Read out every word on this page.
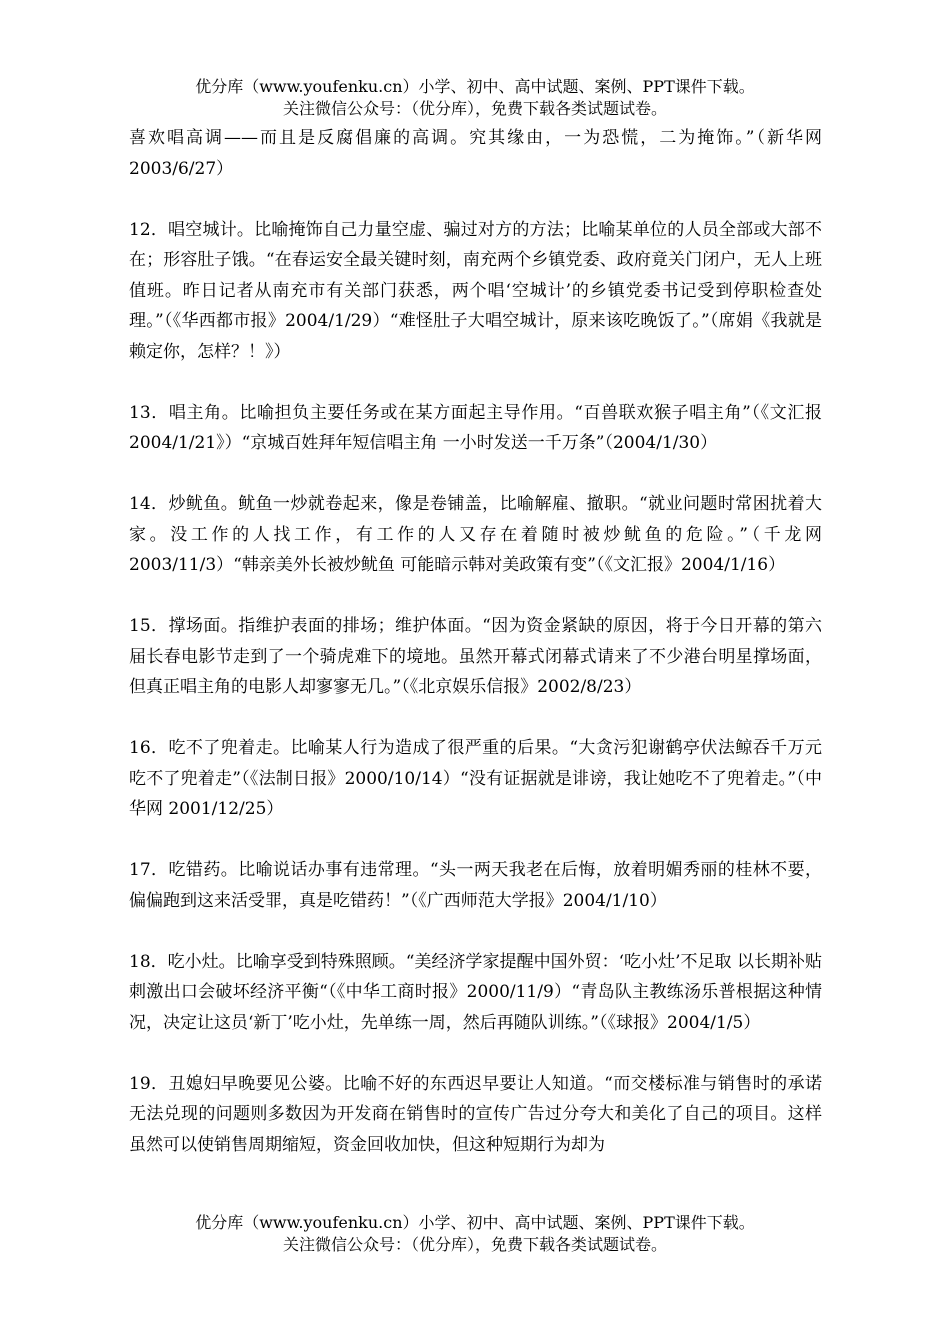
优分库（www.youfenku.cn）小学、初中、高中试题、案例、PPT课件下载。
关注微信公众号：（优分库），免费下载各类试题试卷。

喜欢唱高调——而且是反腐倡廉的高调。究其缘由，一为恐慌，二为掩饰。”（新华网 2003/6/27）

12．唱空城计。比喻掩饰自己力量空虚、骗过对方的方法；比喻某单位的人员全部或大部不在；形容肚子饿。“在春运安全最关键时刻，南充两个乡镇党委、政府竟关门闭户，无人上班值班。昨日记者从南充市有关部门获悉，两个唱‘空城计’的乡镇党委书记受到停职检查处理。”（《华西都市报》2004/1/29）“难怪肚子大唱空城计，原来该吃晚饭了。”（席娟《我就是赖定你，怎样？！》）

13．唱主角。比喻担负主要任务或在某方面起主导作用。“百兽联欢猴子唱主角”（《文汇报 2004/1/21》）“京城百姓拜年短信唱主角 一小时发送一千万条”（2004/1/30）

14．炒鱿鱼。鱿鱼一炒就卷起来，像是卷铺盖，比喻解雇、撤职。“就业问题时常困扰着大家。没工作的人找工作，有工作的人又存在着随时被炒鱿鱼的危险。”（千龙网 2003/11/3）“韩亲美外长被炒鱿鱼 可能暗示韩对美政策有变”（《文汇报》2004/1/16）

15．撑场面。指维护表面的排场；维护体面。“因为资金紧缺的原因，将于今日开幕的第六届长春电影节走到了一个骑虎难下的境地。虽然开幕式闭幕式请来了不少港台明星撑场面，但真正唱主角的电影人却寥寥无几。”（《北京娱乐信报》2002/8/23）

16．吃不了兜着走。比喻某人行为造成了很严重的后果。“大贪污犯谢鹤亭伏法鲸吞千万元吃不了兜着走”（《法制日报》2000/10/14）“没有证据就是诽谤，我让她吃不了兜着走。”（中华网 2001/12/25）

17．吃错药。比喻说话办事有违常理。“头一两天我老在后悔，放着明媚秀丽的桂林不要，偏偏跑到这来活受罪，真是吃错药！”（《广西师范大学报》2004/1/10）

18．吃小灶。比喻享受到特殊照顾。“美经济学家提醒中国外贸：‘吃小灶’不足取 以长期补贴刺激出口会破坏经济平衡“（《中华工商时报》2000/11/9）“青岛队主教练汤乐普根据这种情况，决定让这员‘新丁’吃小灶，先单练一周，然后再随队训练。”（《球报》2004/1/5）

19．丑媳妇早晚要见公婆。比喻不好的东西迟早要让人知道。“而交楼标准与销售时的承诺无法兑现的问题则多数因为开发商在销售时的宣传广告过分夸大和美化了自己的项目。这样虽然可以使销售周期缩短，资金回收加快，但这种短期行为却为

优分库（www.youfenku.cn）小学、初中、高中试题、案例、PPT课件下载。
关注微信公众号：（优分库），免费下载各类试题试卷。
